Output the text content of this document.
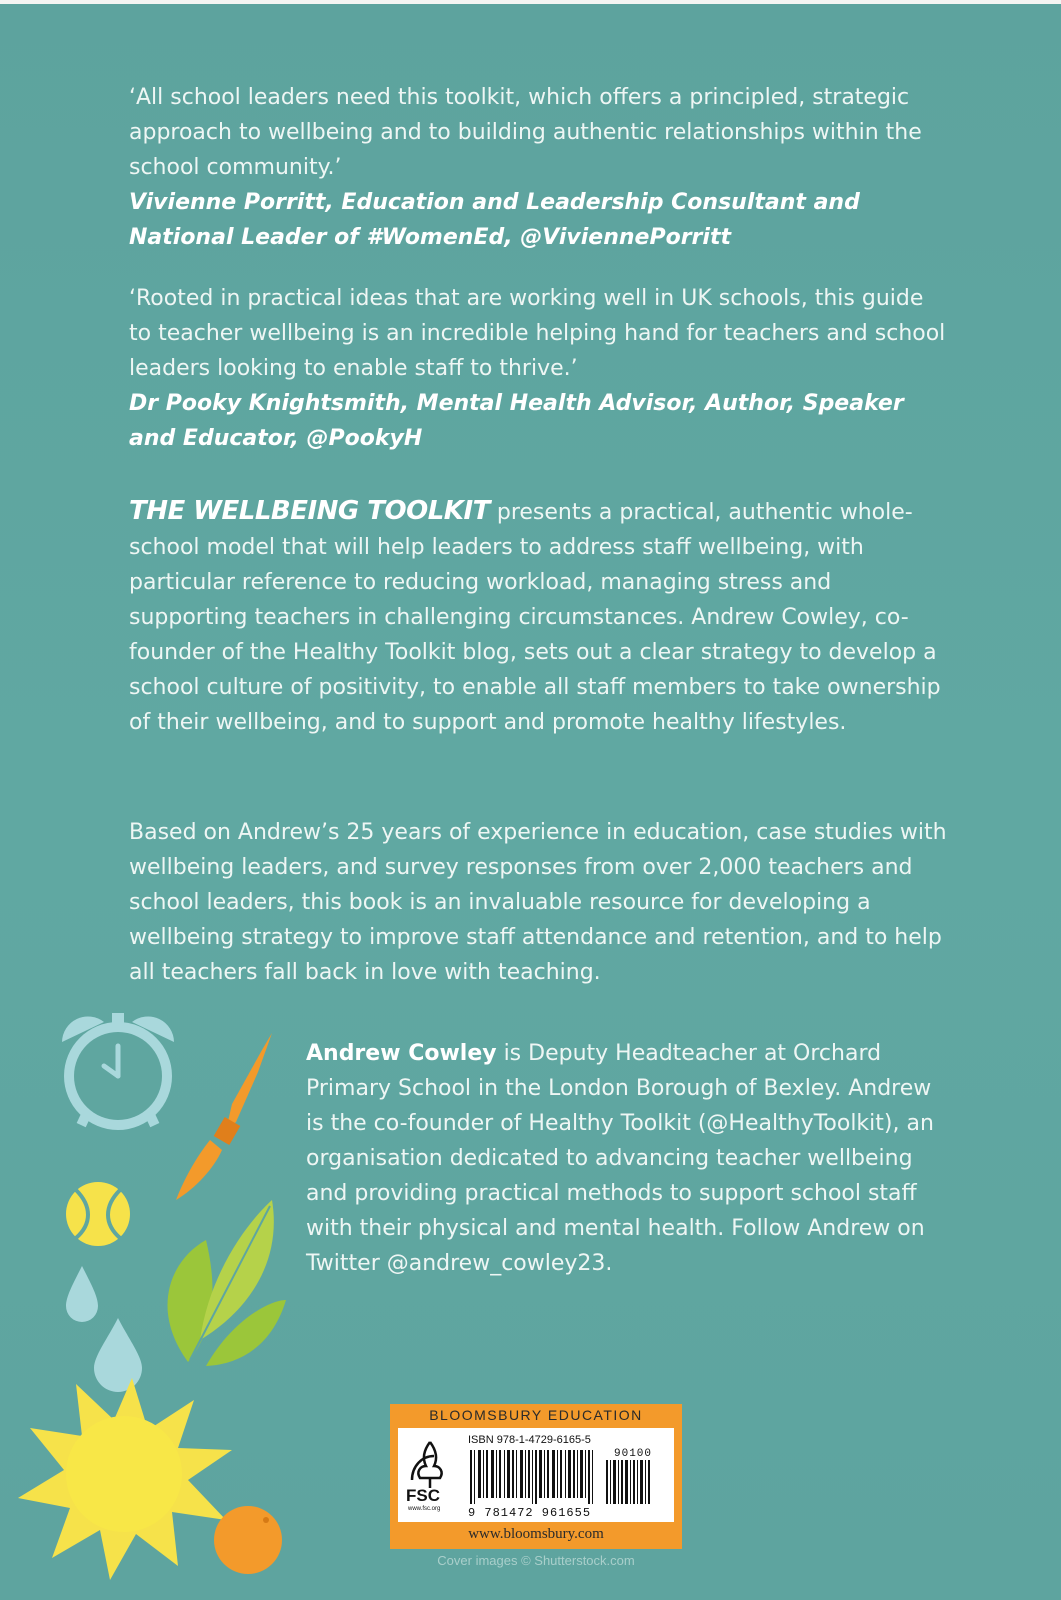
‘All school leaders need this toolkit, which offers a principled, strategic approach to wellbeing and to building authentic relationships within the school community.’

Vivienne Porritt, Education and Leadership Consultant and National Leader of #WomenEd, @ViviennePorritt

‘Rooted in practical ideas that are working well in UK schools, this guide to teacher wellbeing is an incredible helping hand for teachers and school leaders looking to enable staff to thrive.’

Dr Pooky Knightsmith, Mental Health Advisor, Author, Speaker and Educator, @PookyH

THE WELLBEING TOOLKIT presents a practical, authentic whole-school model that will help leaders to address staff wellbeing, with particular reference to reducing workload, managing stress and supporting teachers in challenging circumstances. Andrew Cowley, co-founder of the Healthy Toolkit blog, sets out a clear strategy to develop a school culture of positivity, to enable all staff members to take ownership of their wellbeing, and to support and promote healthy lifestyles.

Based on Andrew’s 25 years of experience in education, case studies with wellbeing leaders, and survey responses from over 2,000 teachers and school leaders, this book is an invaluable resource for developing a wellbeing strategy to improve staff attendance and retention, and to help all teachers fall back in love with teaching.

Andrew Cowley is Deputy Headteacher at Orchard Primary School in the London Borough of Bexley. Andrew is the co-founder of Healthy Toolkit (@HealthyToolkit), an organisation dedicated to advancing teacher wellbeing and providing practical methods to support school staff with their physical and mental health. Follow Andrew on Twitter @andrew_cowley23.

BLOOMSBURY EDUCATION
FSC
www.fsc.org
ISBN 978-1-4729-6165-5
90100
9 781472 961655
www.bloomsbury.com
Cover images © Shutterstock.com
